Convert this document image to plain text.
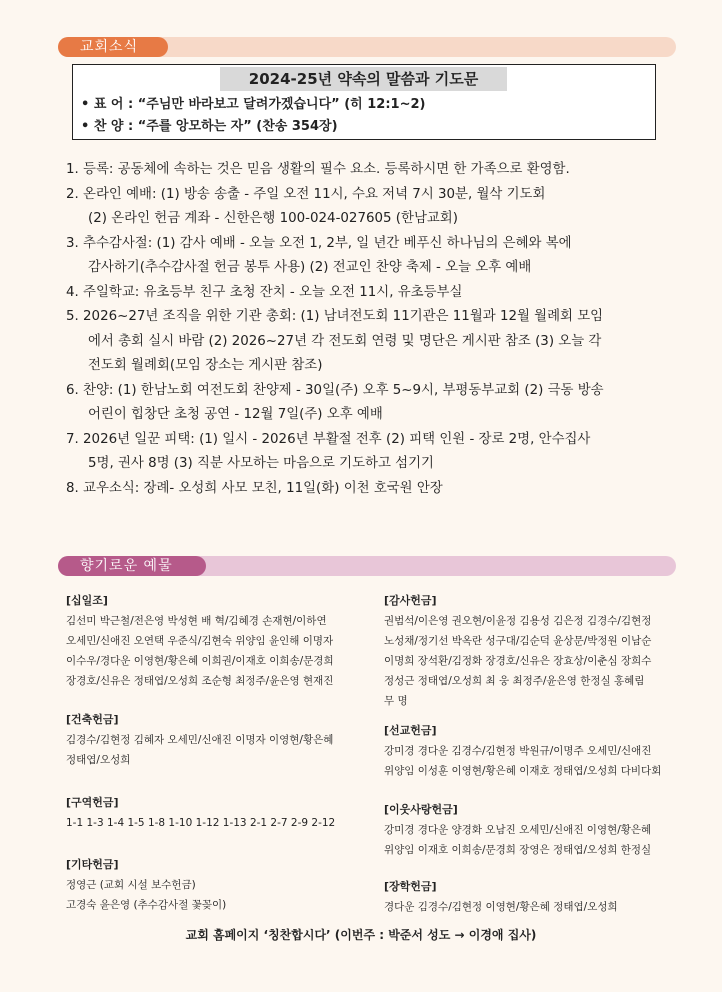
교회소식
2024-25년 약속의 말씀과 기도문
• 표 어 : “주님만 바라보고 달려가겠습니다” (히 12:1~2)
• 찬 양 : “주를 앙모하는 자” (찬송 354장)
1. 등록: 공동체에 속하는 것은 믿음 생활의 필수 요소. 등록하시면 한 가족으로 환영함.
2. 온라인 예배: (1) 방송 송출 - 주일 오전 11시, 수요 저녁 7시 30분, 월삭 기도회
(2) 온라인 헌금 계좌 - 신한은행 100-024-027605 (한남교회)
3. 추수감사절: (1) 감사 예배 - 오늘 오전 1, 2부, 일 년간 베푸신 하나님의 은혜와 복에
감사하기(추수감사절 헌금 봉투 사용) (2) 전교인 찬양 축제 - 오늘 오후 예배
4. 주일학교: 유초등부 친구 초청 잔치 - 오늘 오전 11시, 유초등부실
5. 2026~27년 조직을 위한 기관 총회: (1) 남녀전도회 11기관은 11월과 12월 월례회 모임
에서 총회 실시 바람 (2) 2026~27년 각 전도회 연령 및 명단은 게시판 참조 (3) 오늘 각
전도회 월례회(모임 장소는 게시판 참조)
6. 찬양: (1) 한남노회 여전도회 찬양제 - 30일(주) 오후 5~9시, 부평동부교회 (2) 극동 방송
어린이 힙창단 초청 공연 - 12월 7일(주) 오후 예배
7. 2026년 일꾼 피택: (1) 일시 - 2026년 부활절 전후 (2) 피택 인원 - 장로 2명, 안수집사
5명, 권사 8명 (3) 직분 사모하는 마음으로 기도하고 섬기기
8. 교우소식: 장례- 오성희 사모 모친, 11일(화) 이천 호국원 안장
향기로운 예물
[십일조]
김선미 박근철/전은영 박성현 배 혁/김혜경 손재현/이하연
오세민/신애진 오연택 우준식/김현숙 위양임 윤인해 이명자
이수우/경다운 이영현/황은혜 이희권/이재호 이희송/문경희
장경호/신유은 정태엽/오성희 조순형 최정주/윤은영 현재진
[건축헌금]
김경수/김현정 김혜자 오세민/신애진 이명자 이영현/황은혜
정태엽/오성희
[구역헌금]
1-1 1-3 1-4 1-5 1-8 1-10 1-12 1-13 2-1 2-7 2-9 2-12
[기타헌금]
정영근 (교회 시설 보수헌금)
고경숙 윤은영 (추수감사절 꽃꽂이)
[감사헌금]
권범석/이은영 권오현/이윤정 김용성 김은정 김경수/김현정
노성채/정기선 박옥란 성구대/김순덕 윤상문/박정원 이남순
이명희 장석환/김정화 장경호/신유은 장효상/이춘심 장희수
정성근 정태엽/오성희 최 웅 최정주/윤은영 한정실 홍혜림
무 명
[선교헌금]
강미경 경다운 김경수/김현정 박원규/이명주 오세민/신애진
위양임 이성훈 이영현/황은혜 이재호 정태엽/오성희 다비다회
[이웃사랑헌금]
강미경 경다운 양경화 오남진 오세민/신애진 이영현/황은혜
위양임 이재호 이희송/문경희 장영은 정태엽/오성희 한정실
[장학헌금]
경다운 김경수/김현정 이영현/황은혜 정태엽/오성희
교회 홈페이지 ‘칭찬합시다’ (이번주 : 박준서 성도 → 이경애 집사)
